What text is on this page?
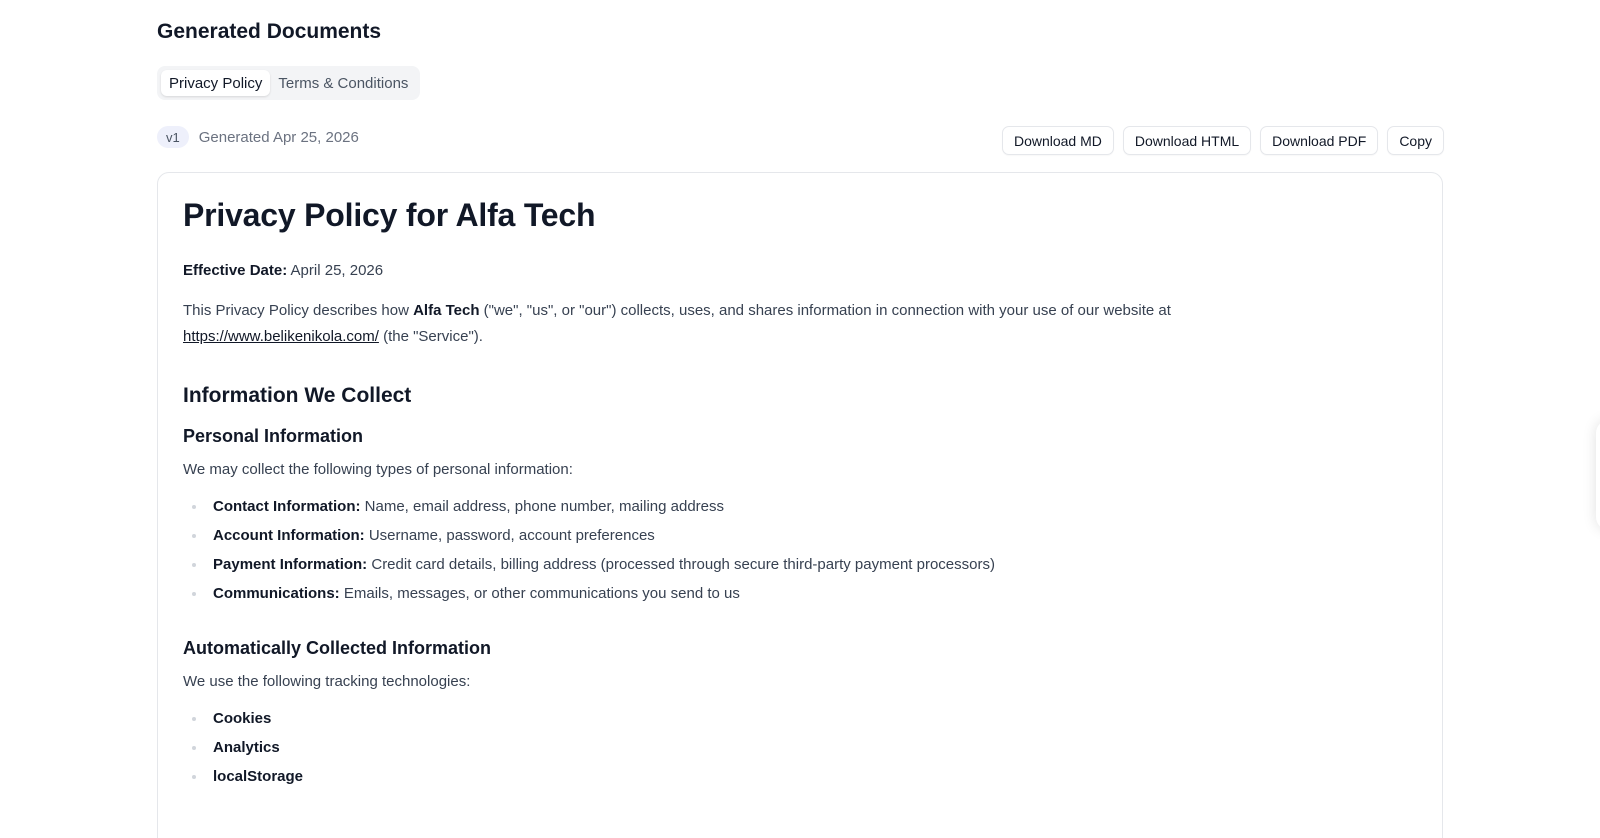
Generated Documents
Privacy Policy	Terms & Conditions
v1	Generated Apr 25, 2026	Download MD	Download HTML	Download PDF	Copy
Privacy Policy for Alfa Tech
Effective Date: April 25, 2026
This Privacy Policy describes how Alfa Tech ("we", "us", or "our") collects, uses, and shares information in connection with your use of our website at https://www.belikenikola.com/ (the "Service").
Information We Collect
Personal Information
We may collect the following types of personal information:
Contact Information: Name, email address, phone number, mailing address
Account Information: Username, password, account preferences
Payment Information: Credit card details, billing address (processed through secure third-party payment processors)
Communications: Emails, messages, or other communications you send to us
Automatically Collected Information
We use the following tracking technologies:
Cookies
Analytics
localStorage
